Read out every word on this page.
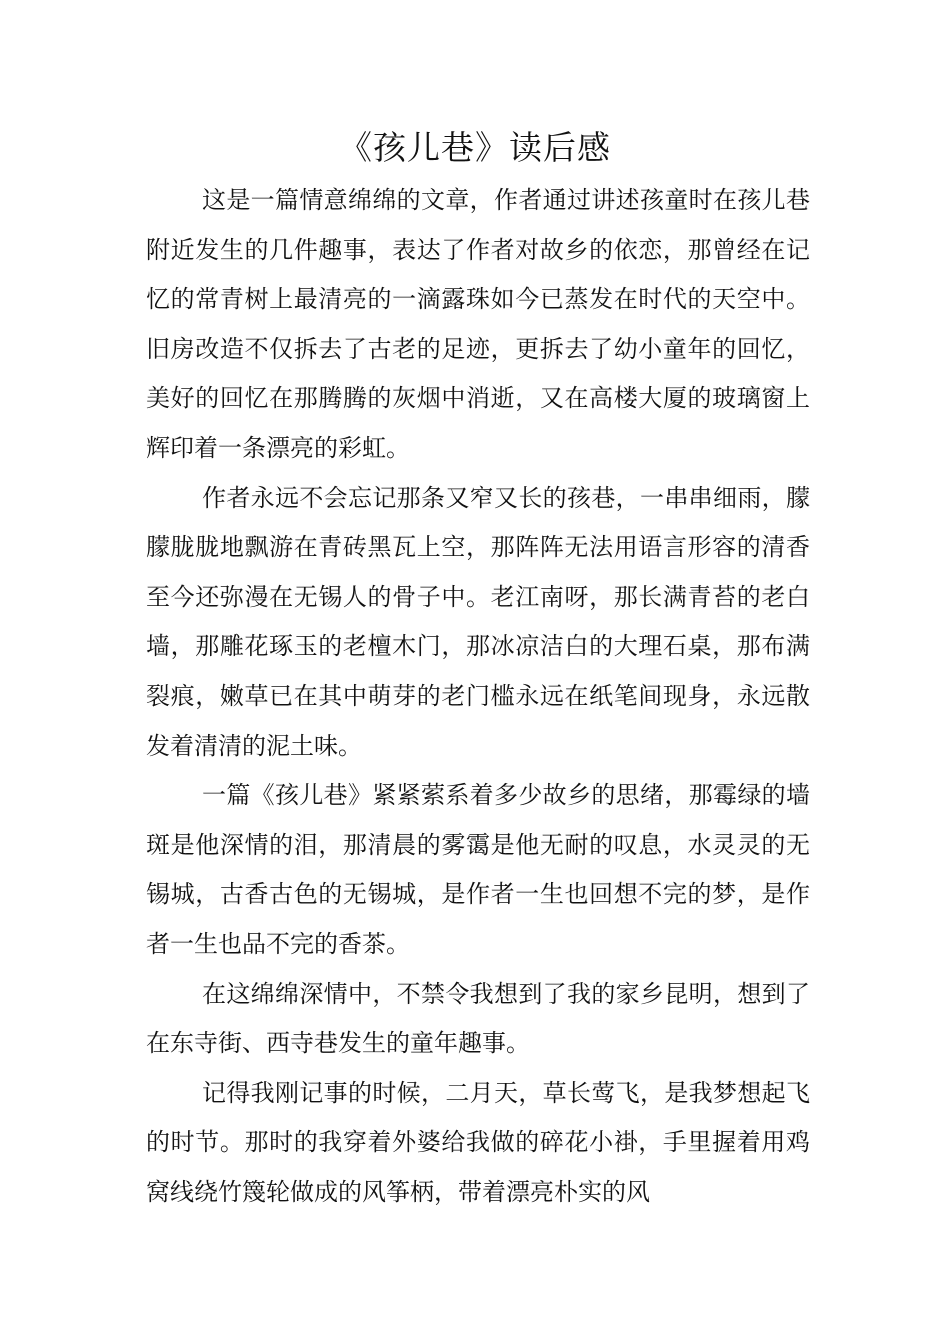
《孩儿巷》读后感

这是一篇情意绵绵的文章，作者通过讲述孩童时在孩儿巷附近发生的几件趣事，表达了作者对故乡的依恋，那曾经在记忆的常青树上最清亮的一滴露珠如今已蒸发在时代的天空中。旧房改造不仅拆去了古老的足迹，更拆去了幼小童年的回忆，美好的回忆在那腾腾的灰烟中消逝，又在高楼大厦的玻璃窗上辉印着一条漂亮的彩虹。

作者永远不会忘记那条又窄又长的孩巷，一串串细雨，朦朦胧胧地飘游在青砖黑瓦上空，那阵阵无法用语言形容的清香至今还弥漫在无锡人的骨子中。老江南呀，那长满青苔的老白墙，那雕花琢玉的老檀木门，那冰凉洁白的大理石桌，那布满裂痕，嫩草已在其中萌芽的老门槛永远在纸笔间现身，永远散发着清清的泥土味。

一篇《孩儿巷》紧紧萦系着多少故乡的思绪，那霉绿的墙斑是他深情的泪，那清晨的雾霭是他无耐的叹息，水灵灵的无锡城，古香古色的无锡城，是作者一生也回想不完的梦，是作者一生也品不完的香茶。

在这绵绵深情中，不禁令我想到了我的家乡昆明，想到了在东寺街、西寺巷发生的童年趣事。

记得我刚记事的时候，二月天，草长莺飞，是我梦想起飞的时节。那时的我穿着外婆给我做的碎花小褂，手里握着用鸡窝线绕竹篾轮做成的风筝柄，带着漂亮朴实的风
